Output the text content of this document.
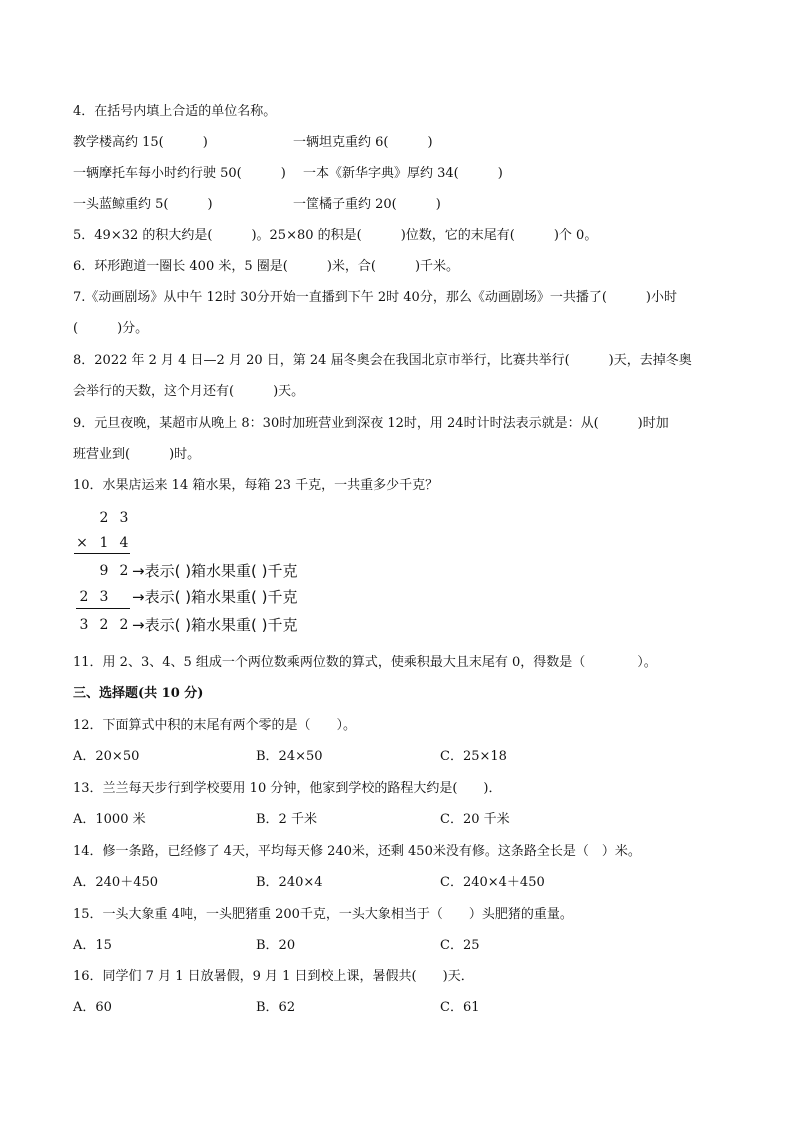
4．在括号内填上合适的单位名称。
教学楼高约 15(　　　)	一辆坦克重约 6(　　　)
一辆摩托车每小时约行驶 50(　　　) 一本《新华字典》厚约 34(　　　)
一头蓝鲸重约 5(　　　)	一筐橘子重约 20(　　　)
5．49×32 的积大约是(　　　)。25×80 的积是(　　　)位数，它的末尾有(　　　)个 0。
6．环形跑道一圈长 400 米，5 圈是(　　　)米，合(　　　)千米。
7.《动画剧场》从中午 12时 30分开始一直播到下午 2时 40分，那么《动画剧场》一共播了(　　　)小时
(　　　)分。
8．2022 年 2 月 4 日—2 月 20 日，第 24 届冬奥会在我国北京市举行，比赛共举行(　　　)天，去掉冬奥
会举行的天数，这个月还有(　　　)天。
9．元旦夜晚，某超市从晚上 8：30时加班营业到深夜 12时，用 24时计时法表示就是：从(　　　)时加
班营业到(　　　)时。
10．水果店运来 14 箱水果，每箱 23 千克，一共重多少千克？
2 3
× 1 4
9 2 →表示( )箱水果重( )千克
2 3 →表示( )箱水果重( )千克
3 2 2 →表示( )箱水果重( )千克
11．用 2、3、4、5 组成一个两位数乘两位数的算式，使乘积最大且末尾有 0，得数是（　　　　）。
三、选择题(共 10 分)
12．下面算式中积的末尾有两个零的是（　　）。
A．20×50	B．24×50	C．25×18
13．兰兰每天步行到学校要用 10 分钟，他家到学校的路程大约是(　　)．
A．1000 米	B．2 千米	C．20 千米
14．修一条路，已经修了 4天，平均每天修 240米，还剩 450米没有修。这条路全长是（　）米。
A．240＋450	B．240×4	C．240×4＋450
15．一头大象重 4吨，一头肥猪重 200千克，一头大象相当于（　　）头肥猪的重量。
A．15	B．20	C．25
16．同学们 7 月 1 日放暑假，9 月 1 日到校上课，暑假共(　　)天．
A．60	B．62	C．61
